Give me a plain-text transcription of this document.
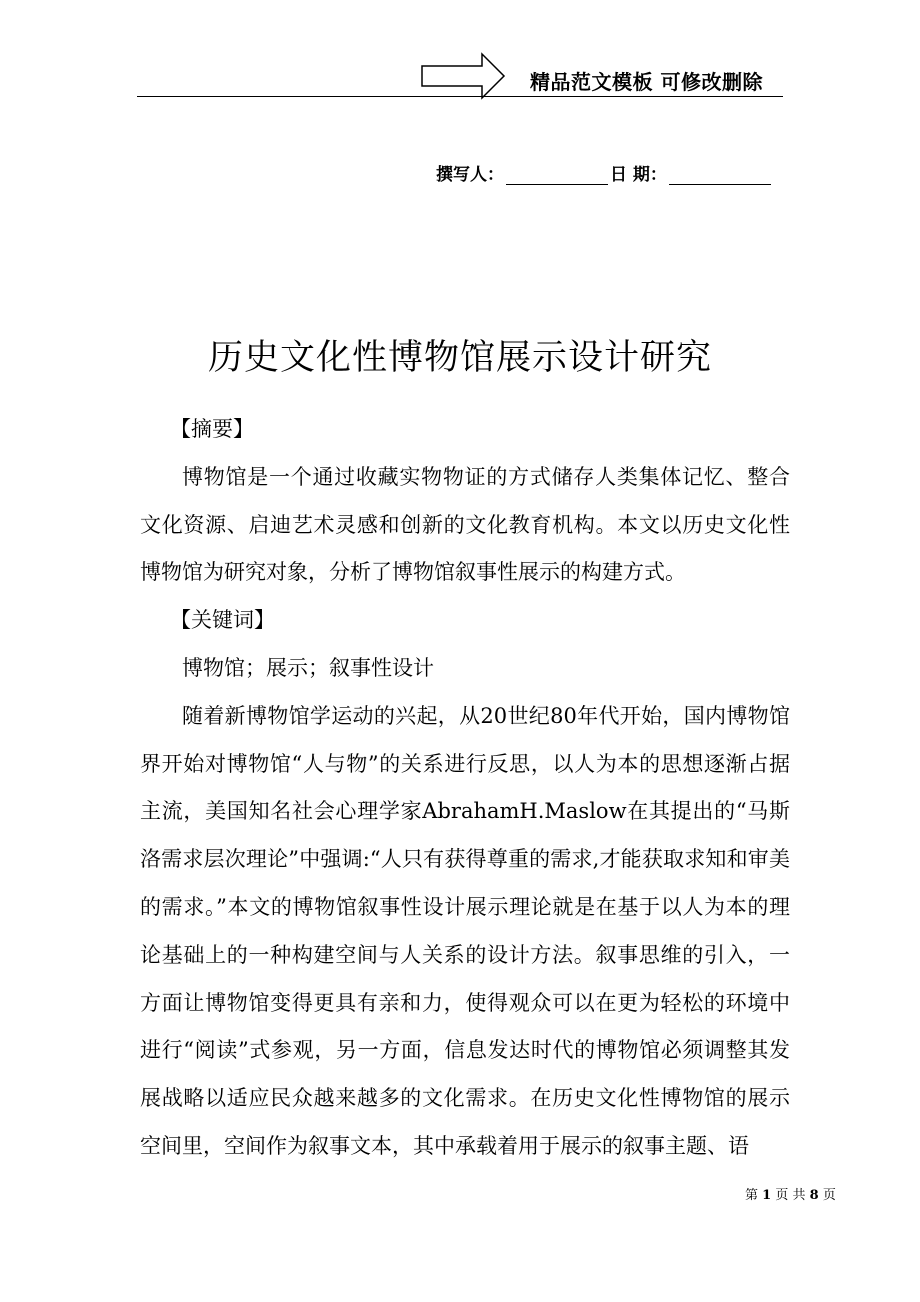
精品范文模板 可修改删除
撰写人：	日 期：
历史文化性博物馆展示设计研究
【摘要】

博物馆是一个通过收藏实物物证的方式储存人类集体记忆、整合文化资源、启迪艺术灵感和创新的文化教育机构。本文以历史文化性博物馆为研究对象，分析了博物馆叙事性展示的构建方式。

【关键词】

博物馆；展示；叙事性设计

随着新博物馆学运动的兴起，从20世纪80年代开始，国内博物馆界开始对博物馆“人与物”的关系进行反思，以人为本的思想逐渐占据主流，美国知名社会心理学家AbrahamH.Maslow在其提出的“马斯洛需求层次理论”中强调:“人只有获得尊重的需求,才能获取求知和审美的需求。”本文的博物馆叙事性设计展示理论就是在基于以人为本的理论基础上的一种构建空间与人关系的设计方法。叙事思维的引入，一方面让博物馆变得更具有亲和力，使得观众可以在更为轻松的环境中进行“阅读”式参观，另一方面，信息发达时代的博物馆必须调整其发展战略以适应民众越来越多的文化需求。在历史文化性博物馆的展示空间里，空间作为叙事文本，其中承载着用于展示的叙事主题、语

第 1 页 共 8 页
